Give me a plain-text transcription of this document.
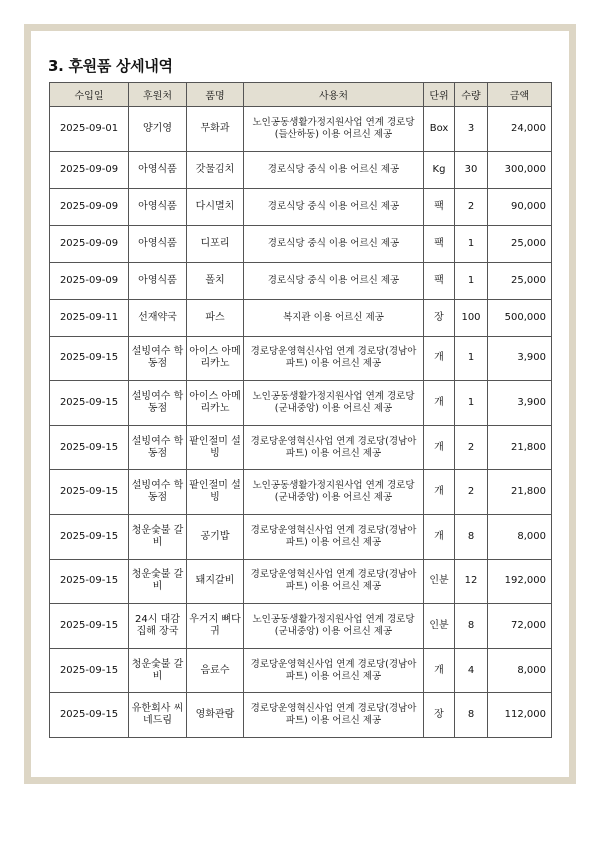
3. 후원품 상세내역
수입일	후원처	품명	사용처	단위	수량	금액
2025-09-01	양기영	무화과	노인공동생활가정지원사업 연계 경로당(들산하동) 이용 어르신 제공	Box	3	24,000
2025-09-09	아영식품	갓물김치	경로식당 중식 이용 어르신 제공	Kg	30	300,000
2025-09-09	아영식품	다시멸치	경로식당 중식 이용 어르신 제공	팩	2	90,000
2025-09-09	아영식품	디포리	경로식당 중식 이용 어르신 제공	팩	1	25,000
2025-09-09	아영식품	폴치	경로식당 중식 이용 어르신 제공	팩	1	25,000
2025-09-11	선재약국	파스	복지관 이용 어르신 제공	장	100	500,000
2025-09-15	설빙여수 학동점	아이스 아메리카노	경로당운영혁신사업 연계 경로당(경남아파트) 이용 어르신 제공	개	1	3,900
2025-09-15	설빙여수 학동점	아이스 아메리카노	노인공동생활가정지원사업 연계 경로당(군내중앙) 이용 어르신 제공	개	1	3,900
2025-09-15	설빙여수 학동점	팥인절미 설빙	경로당운영혁신사업 연계 경로당(경남아파트) 이용 어르신 제공	개	2	21,800
2025-09-15	설빙여수 학동점	팥인절미 설빙	노인공동생활가정지원사업 연계 경로당(군내중앙) 이용 어르신 제공	개	2	21,800
2025-09-15	청운숯불 갈비	공기밥	경로당운영혁신사업 연계 경로당(경남아파트) 이용 어르신 제공	개	8	8,000
2025-09-15	청운숯불 갈비	돼지갈비	경로당운영혁신사업 연계 경로당(경남아파트) 이용 어르신 제공	인분	12	192,000
2025-09-15	24시 대감집해 장국	우거지 뼈다귀	노인공동생활가정지원사업 연계 경로당(군내중앙) 이용 어르신 제공	인분	8	72,000
2025-09-15	청운숯불 갈비	음료수	경로당운영혁신사업 연계 경로당(경남아파트) 이용 어르신 제공	개	4	8,000
2025-09-15	유한회사 씨네드림	영화관람	경로당운영혁신사업 연계 경로당(경남아파트) 이용 어르신 제공	장	8	112,000
